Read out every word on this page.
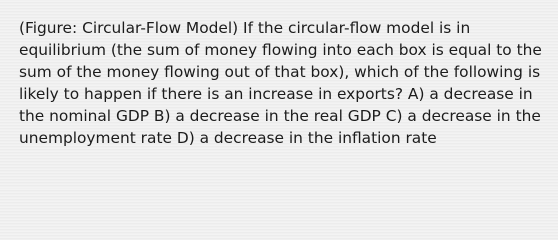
(Figure: Circular-Flow Model) If the circular-flow model is in equilibrium (the sum of money flowing into each box is equal to the sum of the money flowing out of that box), which of the following is likely to happen if there is an increase in exports? A) a decrease in the nominal GDP B) a decrease in the real GDP C) a decrease in the unemployment rate D) a decrease in the inflation rate
